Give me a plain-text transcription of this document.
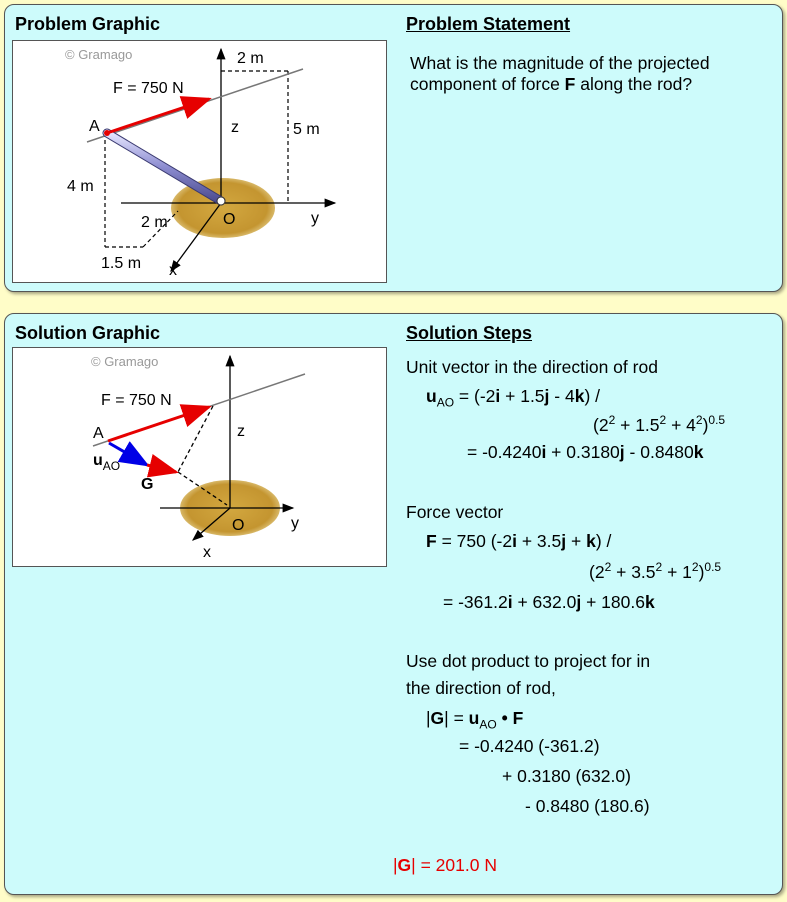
Problem Graphic	Problem Statement
© Gramago
F = 750 N
A
O	y
z
x
2 m
5 m
4 m
2 m
1.5 m
What is the magnitude of the projected component of force F along the rod?
Solution Graphic	Solution Steps
© Gramago
F = 750 N
A
$u_{AO}$
G
O	y
z
x
Unit vector in the direction of rod
$u_{AO} = (-2i + 1.5j - 4k)$ /
$(2^2 + 1.5^2 + 4^2)^{0.5}$
= -0.4240i + 0.3180j - 0.8480k
Force vector
F = 750 (-2i + 3.5j + k) /
$(2^2 + 3.5^2 + 1^2)^{0.5}$
= -361.2i + 632.0j + 180.6k
Use dot product to project for in
the direction of rod,
$|G| = u_{AO}$ • F
= -0.4240 (-361.2)
+ 0.3180 (632.0)
- 0.8480 (180.6)
|G| = 201.0 N
